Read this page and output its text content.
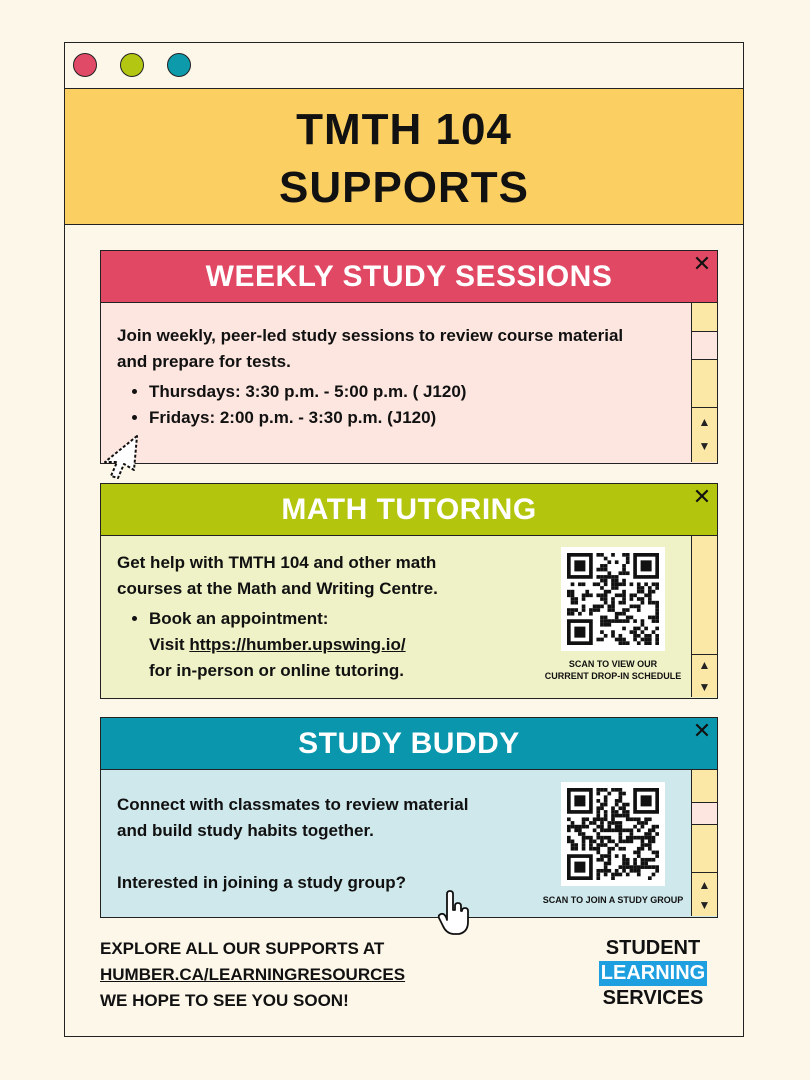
TMTH 104
SUPPORTS
WEEKLY STUDY SESSIONS	✕
▲
▼
Join weekly, peer-led study sessions to review course material
and prepare for tests.
• Thursdays: 3:30 p.m. - 5:00 p.m. ( J120)
• Fridays: 2:00 p.m. - 3:30 p.m. (J120)
MATH TUTORING	✕
▲
▼
Get help with TMTH 104 and other math
courses at the Math and Writing Centre.
• Book an appointment:
Visit https://humber.upswing.io/
for in-person or online tutoring.	SCAN TO VIEW OUR
CURRENT DROP-IN SCHEDULE
STUDY BUDDY	✕
▲
▼
Connect with classmates to review material
and build study habits together.
Interested in joining a study group?
SCAN TO JOIN A STUDY GROUP
EXPLORE ALL OUR SUPPORTS AT
HUMBER.CA/LEARNINGRESOURCES
WE HOPE TO SEE YOU SOON!
STUDENT
LEARNING
SERVICES
